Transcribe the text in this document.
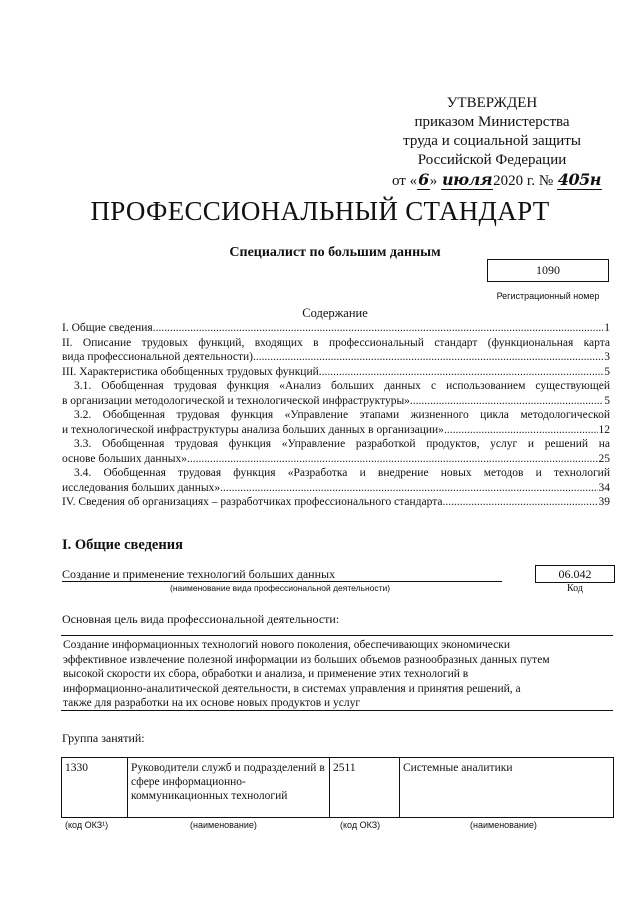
УТВЕРЖДЕН
приказом Министерства
труда и социальной защиты
Российской Федерации
от «6» июля2020 г. № 405н
ПРОФЕССИОНАЛЬНЫЙ СТАНДАРТ
Специалист по большим данным
1090
Регистрационный номер
Содержание
I. Общие сведения .....	1
II. Описание трудовых функций, входящих в профессиональный стандарт (функциональная карта
вида профессиональной деятельности) .....	3
III. Характеристика обобщенных трудовых функций .....	5
3.1. Обобщенная трудовая функция «Анализ больших данных с использованием существующей
в организации методологической и технологической инфраструктуры» .....	5
3.2. Обобщенная трудовая функция «Управление этапами жизненного цикла методологической
и технологической инфраструктуры анализа больших данных в организации» .....	12
3.3. Обобщенная трудовая функция «Управление разработкой продуктов, услуг и решений на
основе больших данных» .....	25
3.4. Обобщенная трудовая функция «Разработка и внедрение новых методов и технологий
исследования больших данных» .....	34
IV. Сведения об организациях – разработчиках профессионального стандарта .....	39
I. Общие сведения
Создание и применение технологий больших данных
(наименование вида профессиональной деятельности)
06.042
Код
Основная цель вида профессиональной деятельности:
Создание информационных технологий нового поколения, обеспечивающих экономически
эффективное извлечение полезной информации из больших объемов разнообразных данных путем
высокой скорости их сбора, обработки и анализа, и применение этих технологий в
информационно-аналитической деятельности, в системах управления и принятия решений, а
также для разработки на их основе новых продуктов и услуг
Группа занятий:
1330	Руководители служб и подразделений в сфере информационно-коммуникационных технологий	2511	Системные аналитики
(код ОКЗ¹)	(наименование)	(код ОКЗ)	(наименование)
